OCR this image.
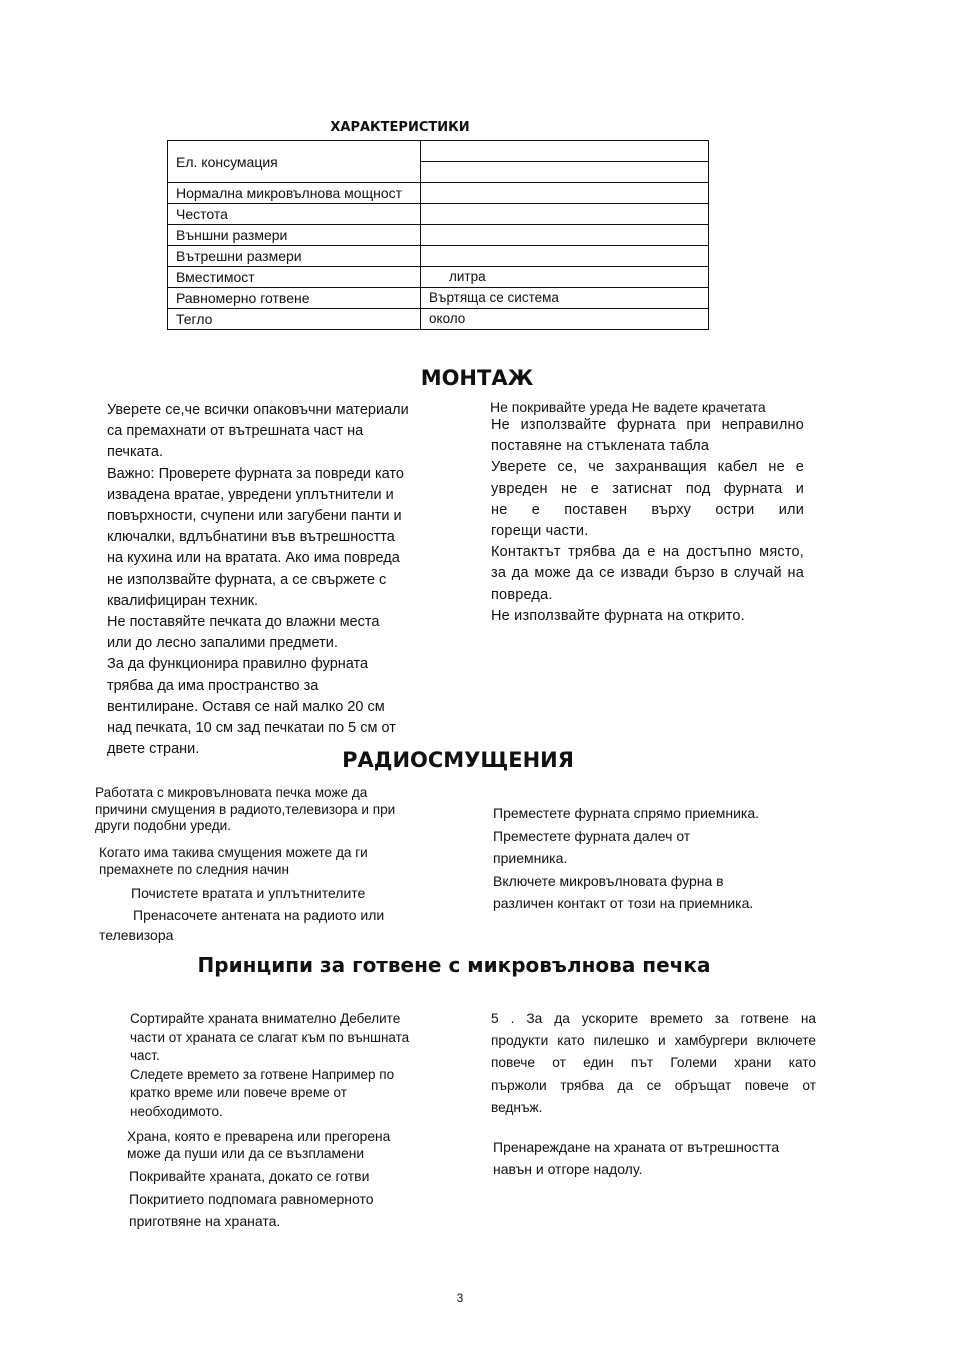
ХАРАКТЕРИСТИКИ
Ел. консумация	

Нормална микровълнова мощност	
Честота	
Външни размери	
Вътрешни размери	
Вместимост	литра
Равномерно готвене	Въртяща се система
Тегло	около
МОНТАЖ

Уверете се,че всички опаковъчни материали

са премахнати от вътрешната част на

печката.

Важно: Проверете фурната за повреди като

извадена вратае, увредени уплътнители и

повърхности, счупени или загубени панти и

ключалки, вдлъбнатини във вътрешността

на кухина или на вратата. Ако има повреда

не използвайте фурната, а се свържете с

квалифициран техник.

Не поставяйте печката до влажни места

или до лесно запалими предмети.

За да функционира правилно фурната

трябва да има пространство за

вентилиране. Оставя се най малко 20 см

над печката, 10 см зад печкатаи по 5 см от

двете страни.

Не покривайте уреда Не вадете крачетата

Не използвайте фурната при неправилно

поставяне на стъклената табла

Уверете се, че захранващия кабел не е

увреден не е затиснат под фурната и

не е поставен върху остри или

горещи части.

Контактът трябва да е на достъпно място,

за да може да се извади бързо в случай на

повреда.

Не използвайте фурната на открито.

РАДИОСМУЩЕНИЯ

Работата с микровълновата печка може да

причини смущения в радиото,телевизора и при

други подобни уреди.

Когато има такива смущения можете да ги

премахнете по следния начин

Почистете вратата и уплътнителите
Пренасочете антената на радиото или
телевизора

Преместете фурната спрямо приемника.

Преместете фурната далеч от

приемника.

Включете микровълновата фурна в

различен контакт от този на приемника.

Принципи за готвене с микровълнова печка

Сортирайте храната внимателно Дебелите

части от храната се слагат към по външната

част.

Следете времето за готвене Например по

кратко време или повече време от

необходимото.

Храна, която е преварена или прегорена

може да пуши или да се възпламени

Покривайте храната, докато се готви

Покритието подпомага равномерното

приготвяне на храната.

5 . За да ускорите времето за готвене на

продукти като пилешко и хамбургери включете

повече от един път Големи храни като

пържоли трябва да се обръщат повече от

веднъж.

Пренареждане на храната от вътрешността

навън и отгоре надолу.

3
